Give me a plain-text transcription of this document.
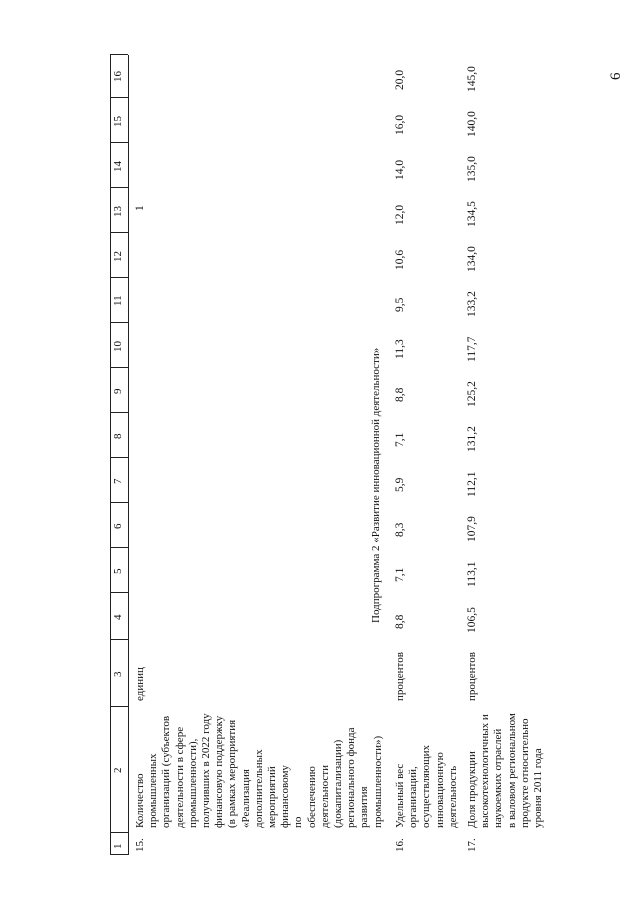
6
1
2
3
4
5
6
7
8
9
10
11
12
13
14
15
16
15.
Количество промышленных организаций (субъектов деятельности в сфере промышленности), получивших в 2022 году финансовую поддержку (в рамках мероприятия «Реализация дополнительных мероприятий финансовому по обеспечению деятельности (докапитализации) регионального фонда развития промышленности»)
единиц
1
Подпрограмма 2 «Развитие инновационной деятельности»
16.
Удельный вес организаций, осуществляющих инновационную деятельность
процентов
8,8
7,1
8,3
5,9
7,1
8,8
11,3
9,5
10,6
12,0
14,0
16,0
20,0
17.
Доля продукции высокотехнологичных и наукоемких отраслей в валовом региональном продукте относительно уровня 2011 года
процентов
106,5
113,1
107,9
112,1
131,2
125,2
117,7
133,2
134,0
134,5
135,0
140,0
145,0
